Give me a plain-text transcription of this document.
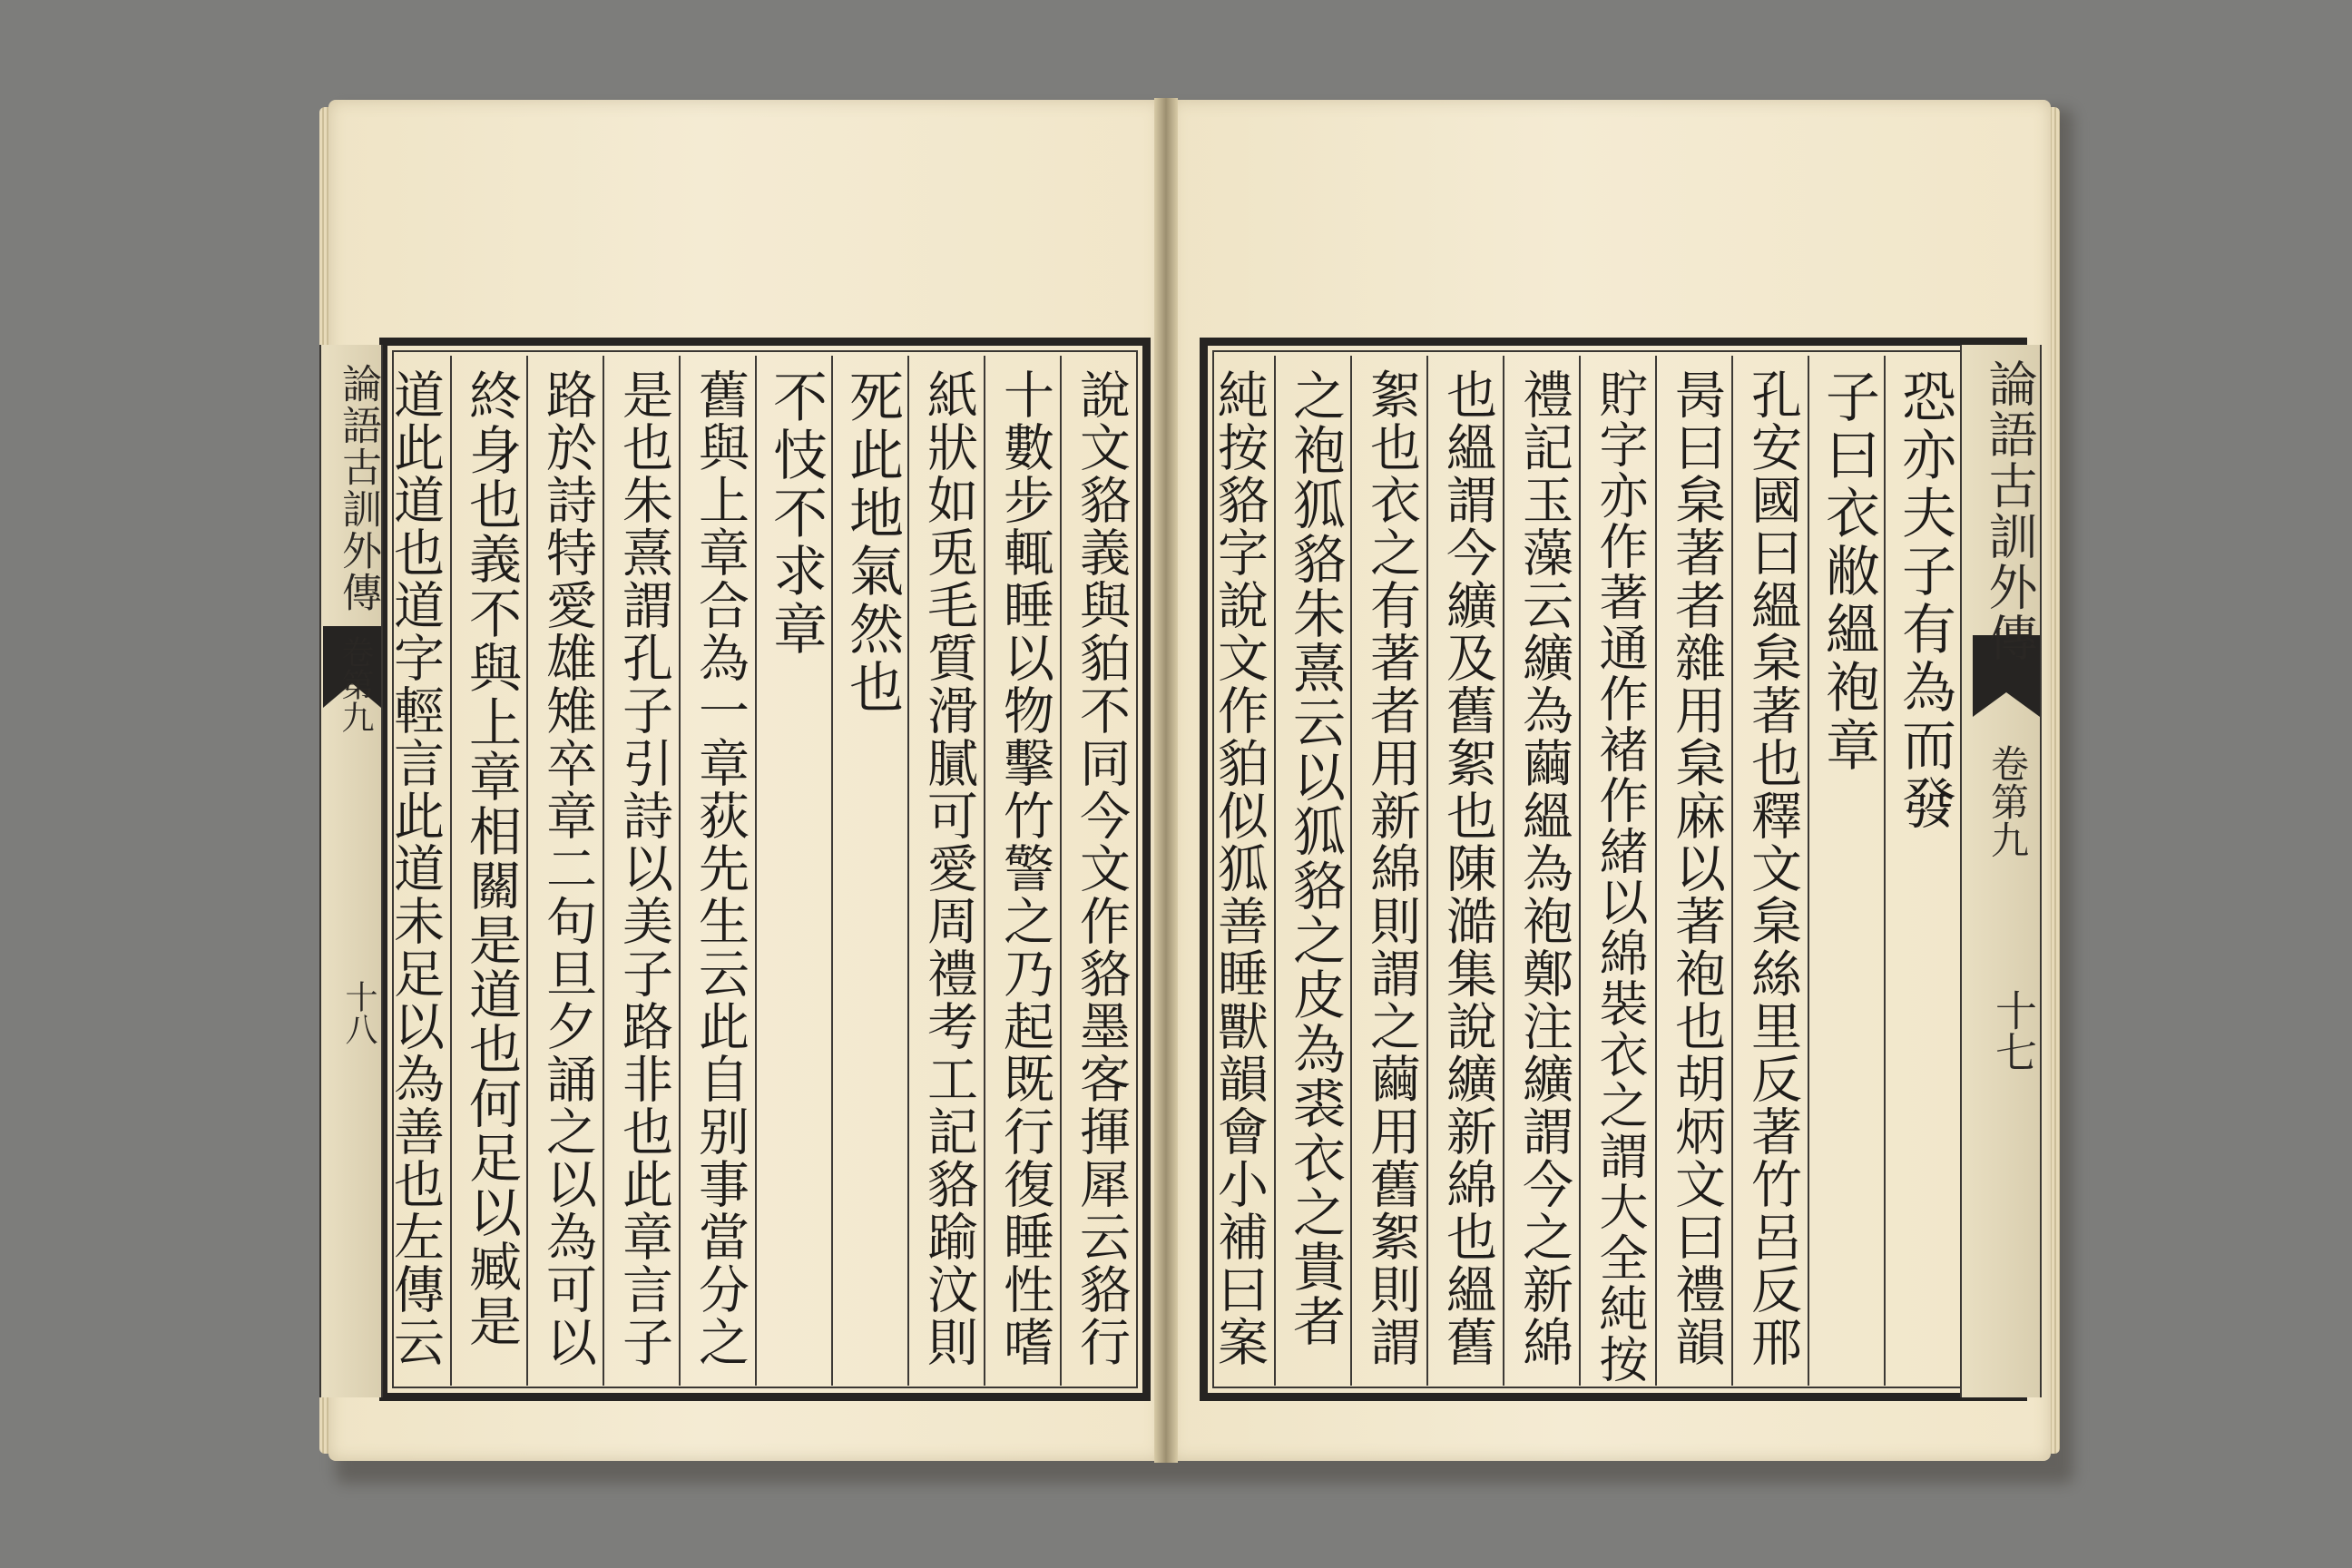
論語古訓外傳
卷第九
十八	說文貉義與貃不同今文作貉墨客揮犀云貉行
十數步輒睡以物擊竹警之乃起既行復睡性嗜
紙狀如兎毛質滑膩可愛周禮考工記貉踰汶則
死此地氣然也
不忮不求章
舊與上章合為一章荻先生云此自别事當分之
是也朱熹謂孔子引詩以美子路非也此章言子
路於詩特愛雄雉卒章二句旦夕誦之以為可以
終身也義不與上章相關是道也何足以臧是
道此道也道字輕言此道未足以為善也左傳云	論語古訓外傳
卷第九
十七
恐亦夫子有為而發
子曰衣敝縕袍章
孔安國曰縕枲著也釋文枲絲里反著竹呂反邢
昺曰枲著者雜用枲麻以著袍也胡炳文曰禮韻
貯字亦作著通作褚作緒以綿裝衣之謂大全純按
禮記玉藻云纊為繭縕為袍鄭注纊謂今之新綿
也縕謂今纊及舊絮也陳澔集說纊新綿也縕舊
絮也衣之有著者用新綿則謂之繭用舊絮則謂
之袍狐貉朱熹云以狐貉之皮為裘衣之貴者
純按貉字說文作貃似狐善睡獸韻會小補曰案
